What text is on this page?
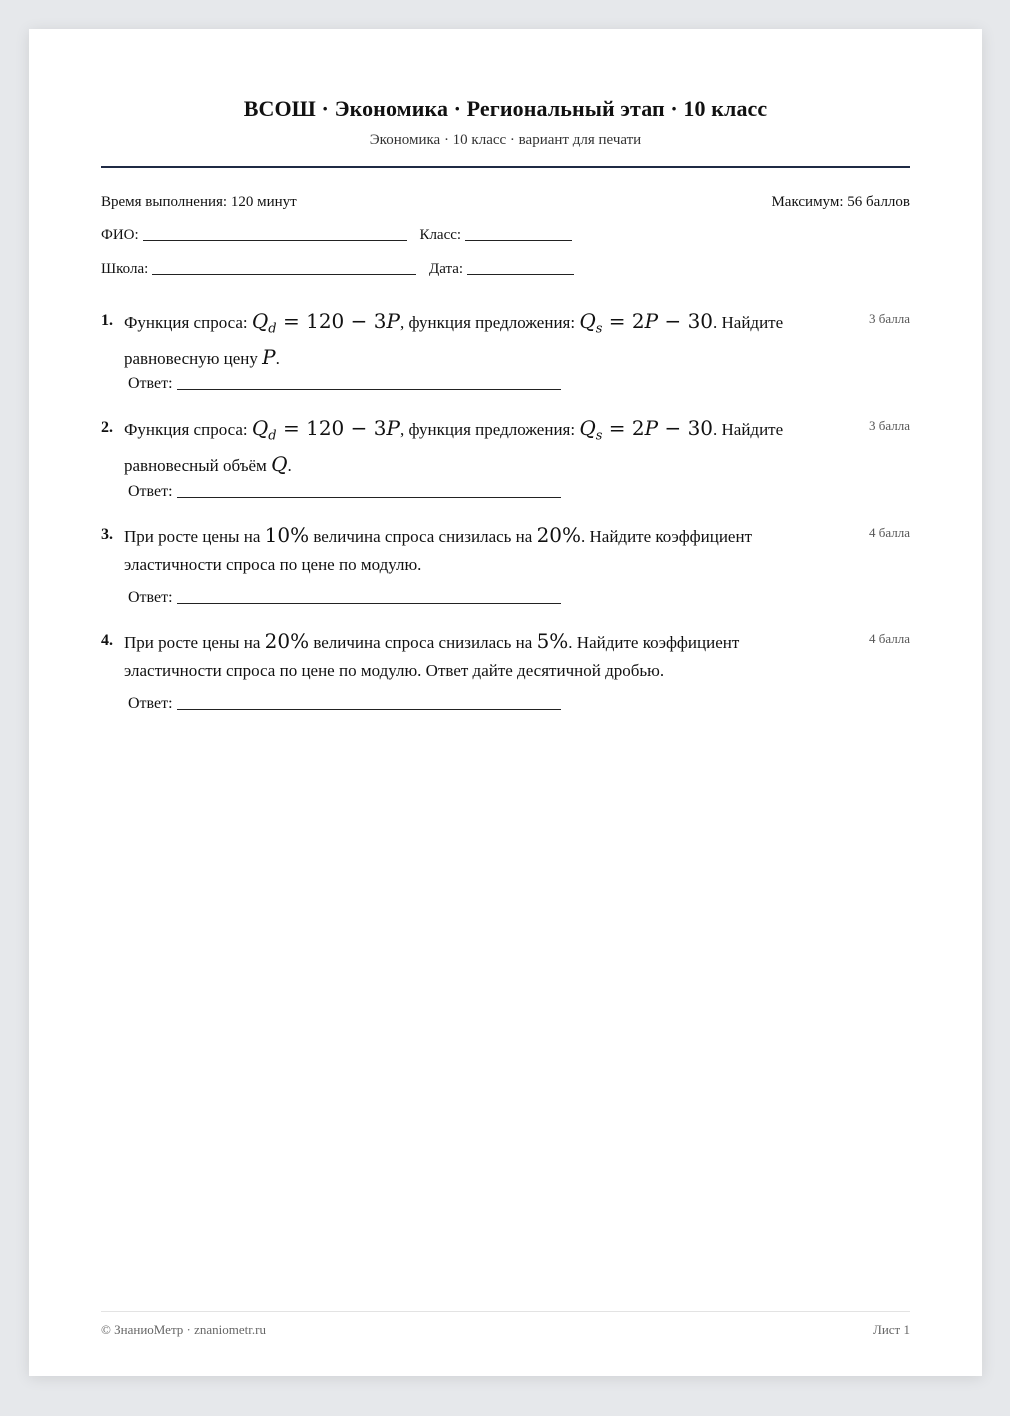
ВСОШ · Экономика · Региональный этап · 10 класс
Экономика · 10 класс · вариант для печати
Время выполнения: 120 минут	Максимум: 56 баллов
ФИО:	Класс:
Школа:	Дата:
1. Функция спроса: $Q_d = 120 - 3P$, функция предложения: $Q_s = 2P - 30$. Найдите равновесную цену P.
3 балла
Ответ:
2. Функция спроса: $Q_d = 120 - 3P$, функция предложения: $Q_s = 2P - 30$. Найдите равновесный объём Q.
3 балла
Ответ:
3. При росте цены на 10% величина спроса снизилась на 20%. Найдите коэффициент эластичности спроса по цене по модулю.
4 балла
Ответ:
4. При росте цены на 20% величина спроса снизилась на 5%. Найдите коэффициент эластичности спроса по цене по модулю. Ответ дайте десятичной дробью.
4 балла
Ответ:
© ЗнаниоМетр · znaniometr.ru	Лист 1
